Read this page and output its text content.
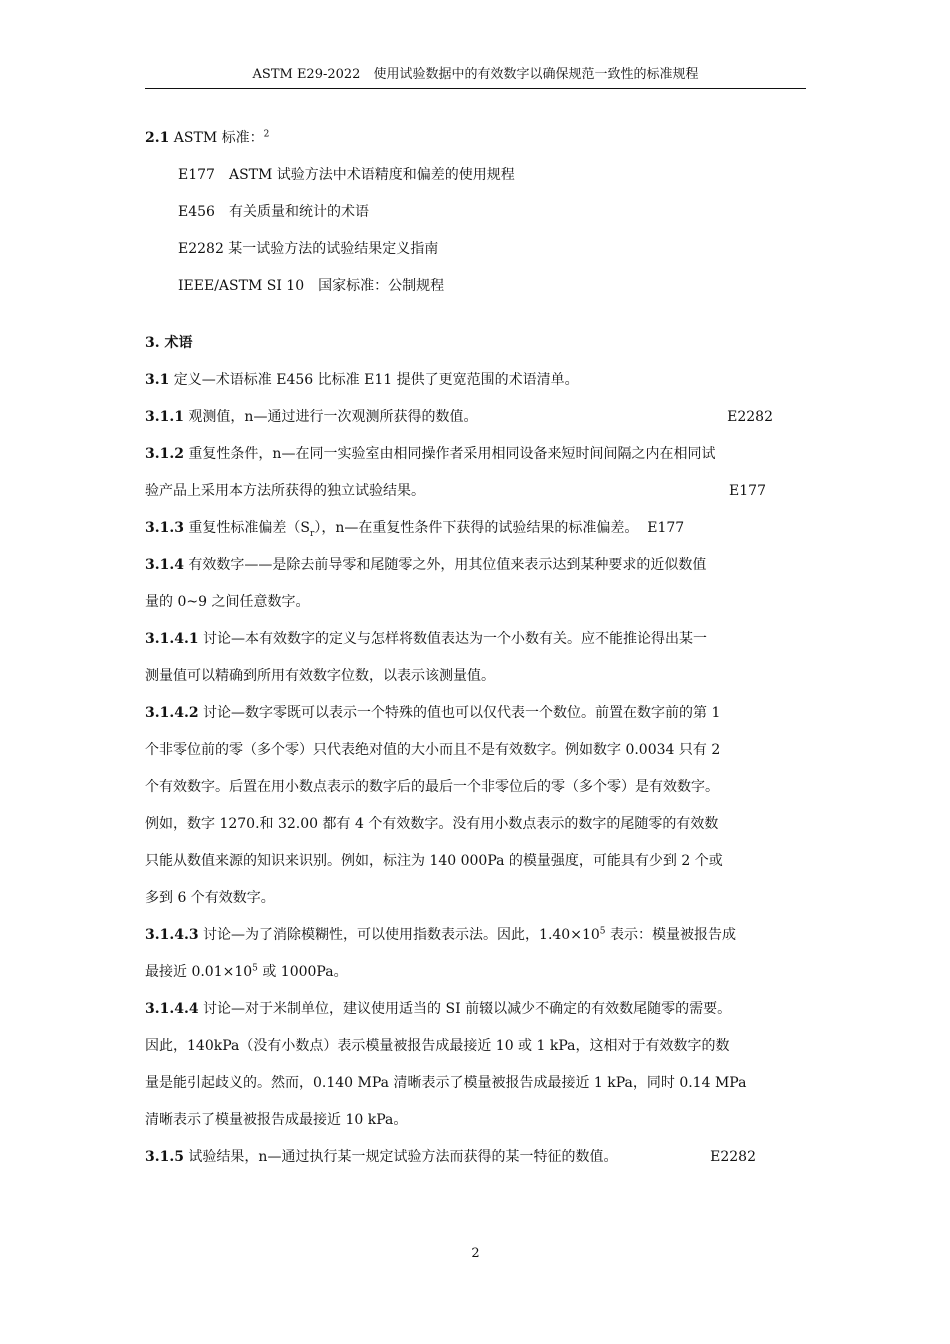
ASTM E29-2022　使用试验数据中的有效数字以确保规范一致性的标准规程

2.1 ASTM 标准：$^2$

E177　ASTM 试验方法中术语精度和偏差的使用规程

E456　有关质量和统计的术语

E2282 某一试验方法的试验结果定义指南

IEEE/ASTM SI 10　国家标准：公制规程

3. 术语

3.1 定义—术语标准 E456 比标准 E11 提供了更宽范围的术语清单。

3.1.1 观测值，n—通过进行一次观测所获得的数值。	E2282

3.1.2 重复性条件，n—在同一实验室由相同操作者采用相同设备来短时间间隔之内在相同试

验产品上采用本方法所获得的独立试验结果。	E177

3.1.3 重复性标准偏差$(S_r)$，n—在重复性条件下获得的试验结果的标准偏差。 E177

3.1.4 有效数字——是除去前导零和尾随零之外，用其位值来表示达到某种要求的近似数值

量的 0~9 之间任意数字。

3.1.4.1 讨论—本有效数字的定义与怎样将数值表达为一个小数有关。应不能推论得出某一

测量值可以精确到所用有效数字位数，以表示该测量值。

3.1.4.2 讨论—数字零既可以表示一个特殊的值也可以仅代表一个数位。前置在数字前的第 1

个非零位前的零（多个零）只代表绝对值的大小而且不是有效数字。例如数字 0.0034 只有 2

个有效数字。后置在用小数点表示的数字后的最后一个非零位后的零（多个零）是有效数字。

例如，数字 1270.和 32.00 都有 4 个有效数字。没有用小数点表示的数字的尾随零的有效数

只能从数值来源的知识来识别。例如，标注为 140 000Pa 的模量强度，可能具有少到 2 个或

多到 6 个有效数字。

3.1.4.3 讨论—为了消除模糊性，可以使用指数表示法。因此，$1.40\times 10^5$ 表示：模量被报告成

最接近 $0.01\times 10^5$ 或 1000Pa。

3.1.4.4 讨论—对于米制单位，建议使用适当的 SI 前辍以减少不确定的有效数尾随零的需要。

因此，140kPa（没有小数点）表示模量被报告成最接近 10 或 1 kPa，这相对于有效数字的数

量是能引起歧义的。然而，0.140 MPa 清晰表示了模量被报告成最接近 1 kPa，同时 0.14 MPa

清晰表示了模量被报告成最接近 10 kPa。

3.1.5 试验结果，n—通过执行某一规定试验方法而获得的某一特征的数值。	E2282
2
